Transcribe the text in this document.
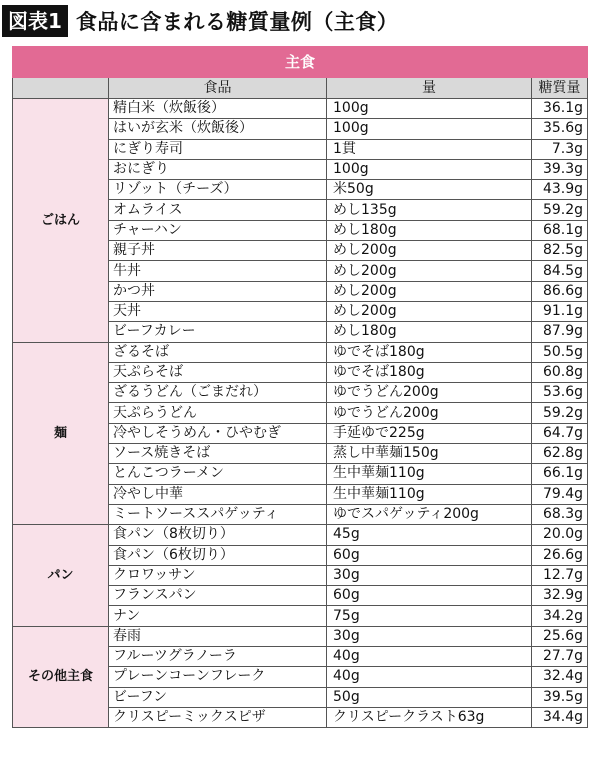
図表1 食品に含まれる糖質量例（主食）
主食			
	食品	量	糖質量
ごはん	精白米（炊飯後）	100g	36.1g
	はいが玄米（炊飯後）	100g	35.6g
	にぎり寿司	1貫	7.3g
	おにぎり	100g	39.3g
	リゾット（チーズ）	米50g	43.9g
	オムライス	めし135g	59.2g
	チャーハン	めし180g	68.1g
	親子丼	めし200g	82.5g
	牛丼	めし200g	84.5g
	かつ丼	めし200g	86.6g
	天丼	めし200g	91.1g
	ビーフカレー	めし180g	87.9g
麺	ざるそば	ゆでそば180g	50.5g
	天ぷらそば	ゆでそば180g	60.8g
	ざるうどん（ごまだれ）	ゆでうどん200g	53.6g
	天ぷらうどん	ゆでうどん200g	59.2g
	冷やしそうめん・ひやむぎ	手延ゆで225g	64.7g
	ソース焼きそば	蒸し中華麺150g	62.8g
	とんこつラーメン	生中華麺110g	66.1g
	冷やし中華	生中華麺110g	79.4g
	ミートソーススパゲッティ	ゆでスパゲッティ200g	68.3g
パン	食パン（8枚切り）	45g	20.0g
	食パン（6枚切り）	60g	26.6g
	クロワッサン	30g	12.7g
	フランスパン	60g	32.9g
	ナン	75g	34.2g
その他主食	春雨	30g	25.6g
	フルーツグラノーラ	40g	27.7g
	プレーンコーンフレーク	40g	32.4g
	ビーフン	50g	39.5g
	クリスピーミックスピザ	クリスピークラスト63g	34.4g
